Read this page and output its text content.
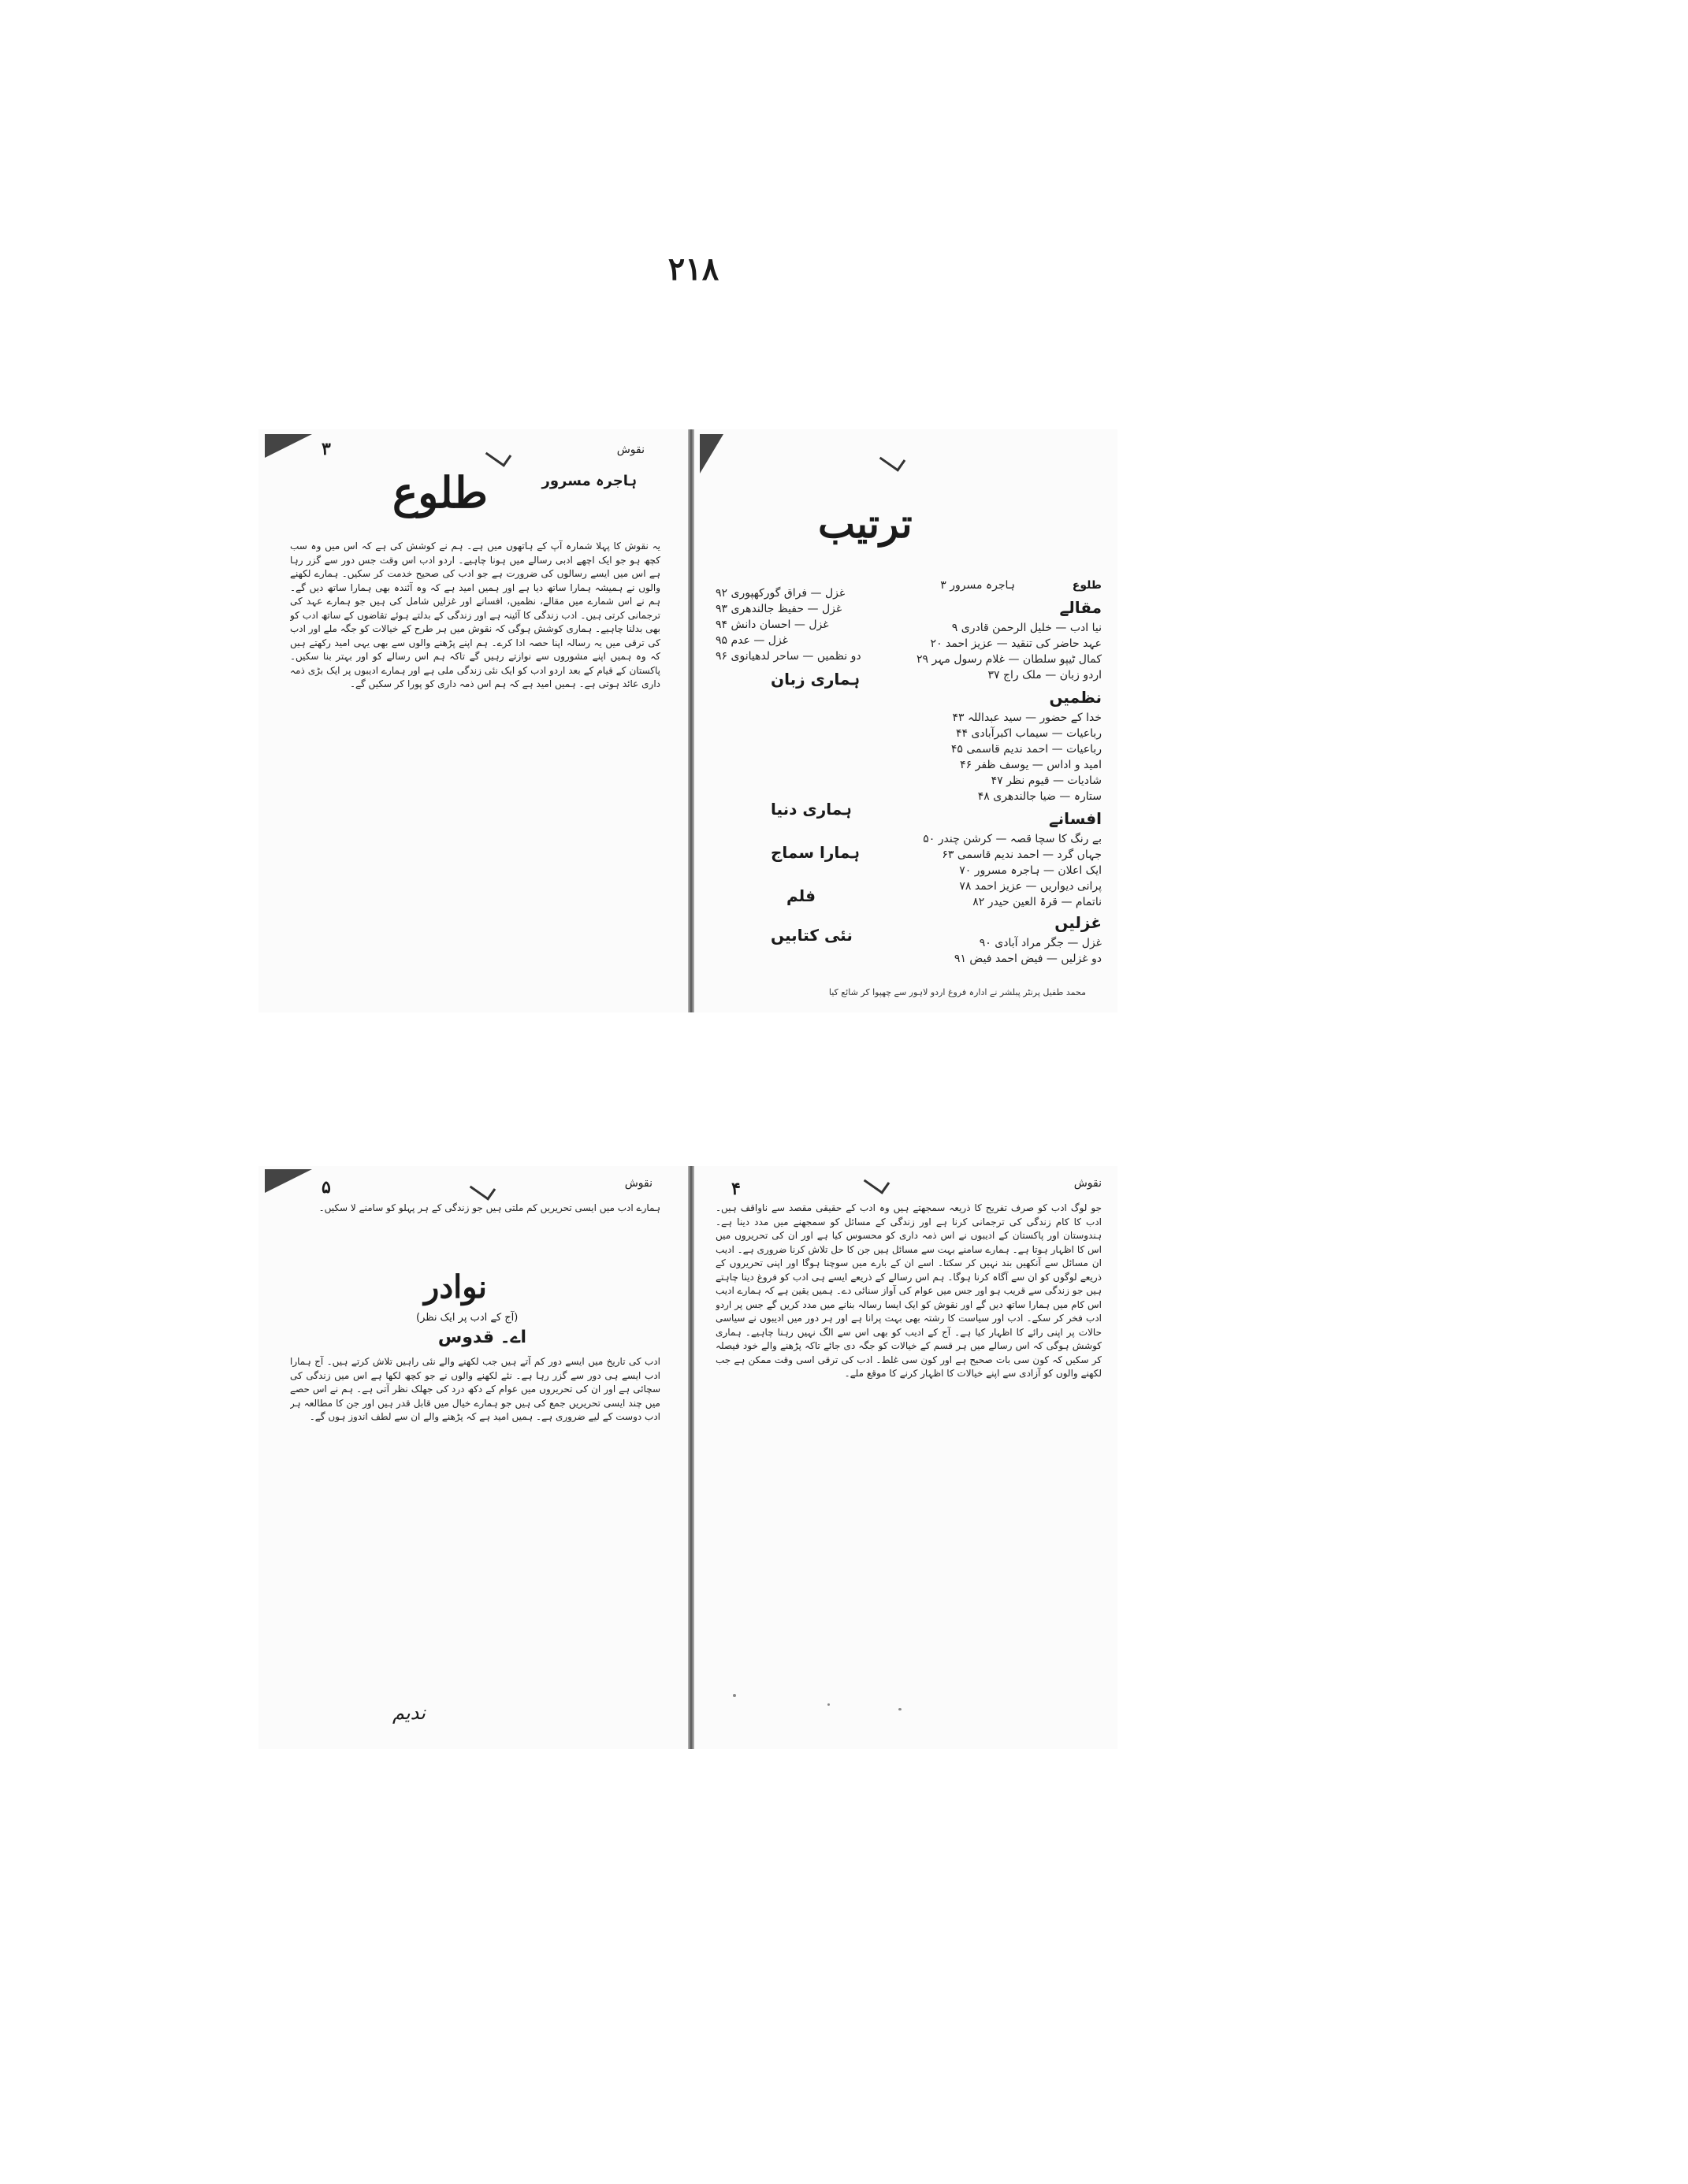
۲۱۸
۳	نقوش
ہاجرہ مسرور
طلوع
یہ نقوش کا پہلا شمارہ آپ کے ہاتھوں میں ہے۔ ہم نے کوشش کی ہے کہ اس میں وہ سب کچھ ہو جو ایک اچھے ادبی رسالے میں ہونا چاہیے۔ اردو ادب اس وقت جس دور سے گزر رہا ہے اس میں ایسے رسالوں کی ضرورت ہے جو ادب کی صحیح خدمت کر سکیں۔ ہمارے لکھنے والوں نے ہمیشہ ہمارا ساتھ دیا ہے اور ہمیں امید ہے کہ وہ آئندہ بھی ہمارا ساتھ دیں گے۔ ہم نے اس شمارے میں مقالے، نظمیں، افسانے اور غزلیں شامل کی ہیں جو ہمارے عہد کی ترجمانی کرتی ہیں۔ ادب زندگی کا آئینہ ہے اور زندگی کے بدلتے ہوئے تقاضوں کے ساتھ ادب کو بھی بدلنا چاہیے۔ ہماری کوشش ہوگی کہ نقوش میں ہر طرح کے خیالات کو جگہ ملے اور ادب کی ترقی میں یہ رسالہ اپنا حصہ ادا کرے۔ ہم اپنے پڑھنے والوں سے بھی یہی امید رکھتے ہیں کہ وہ ہمیں اپنے مشوروں سے نوازتے رہیں گے تاکہ ہم اس رسالے کو اور بہتر بنا سکیں۔ پاکستان کے قیام کے بعد اردو ادب کو ایک نئی زندگی ملی ہے اور ہمارے ادیبوں پر ایک بڑی ذمہ داری عائد ہوتی ہے۔ ہمیں امید ہے کہ ہم اس ذمہ داری کو پورا کر سکیں گے۔
ترتیب
طلوع
ہاجرہ مسرور ۳
مقالے
نیا ادب — خلیل الرحمن قادری ۹
عہد حاضر کی تنقید — عزیز احمد ۲۰
کمال ٹیپو سلطان — غلام رسول مہر ۲۹
اردو زبان — ملک راج ۳۷
نظمیں
خدا کے حضور — سید عبداللہ ۴۳
رباعیات — سیماب اکبرآبادی ۴۴
رباعیات — احمد ندیم قاسمی ۴۵
امید و اداس — یوسف ظفر ۴۶
شادیات — قیوم نظر ۴۷
ستارہ — ضیا جالندھری ۴۸
افسانے
بے رنگ کا سچا قصہ — کرشن چندر ۵۰
جہاں گرد — احمد ندیم قاسمی ۶۳
ایک اعلان — ہاجرہ مسرور ۷۰
پرانی دیواریں — عزیز احمد ۷۸
ناتمام — قرۃ العین حیدر ۸۲
غزلیں
غزل — جگر مراد آبادی ۹۰
دو غزلیں — فیض احمد فیض ۹۱
غزل — فراق گورکھپوری ۹۲
غزل — حفیظ جالندھری ۹۳
غزل — احسان دانش ۹۴
غزل — عدم ۹۵
دو نظمیں — ساحر لدھیانوی ۹۶
ہماری زبان
ہماری دنیا
ہمارا سماج
فلم
نئی کتابیں
محمد طفیل پرنٹر پبلشر نے ادارہ فروغ اردو لاہور سے چھپوا کر شائع کیا
۵	نقوش
ہمارے ادب میں ایسی تحریریں کم ملتی ہیں جو زندگی کے ہر پہلو کو سامنے لا سکیں۔
نوادر
(آج کے ادب پر ایک نظر)
اے۔ قدوس
ادب کی تاریخ میں ایسے دور کم آتے ہیں جب لکھنے والے نئی راہیں تلاش کرتے ہیں۔ آج ہمارا ادب ایسے ہی دور سے گزر رہا ہے۔ نئے لکھنے والوں نے جو کچھ لکھا ہے اس میں زندگی کی سچائی ہے اور ان کی تحریروں میں عوام کے دکھ درد کی جھلک نظر آتی ہے۔ ہم نے اس حصے میں چند ایسی تحریریں جمع کی ہیں جو ہمارے خیال میں قابل قدر ہیں اور جن کا مطالعہ ہر ادب دوست کے لیے ضروری ہے۔ ہمیں امید ہے کہ پڑھنے والے ان سے لطف اندوز ہوں گے۔
ندیم
نقوش
۴
جو لوگ ادب کو صرف تفریح کا ذریعہ سمجھتے ہیں وہ ادب کے حقیقی مقصد سے ناواقف ہیں۔ ادب کا کام زندگی کی ترجمانی کرنا ہے اور زندگی کے مسائل کو سمجھنے میں مدد دینا ہے۔ ہندوستان اور پاکستان کے ادیبوں نے اس ذمہ داری کو محسوس کیا ہے اور ان کی تحریروں میں اس کا اظہار ہوتا ہے۔ ہمارے سامنے بہت سے مسائل ہیں جن کا حل تلاش کرنا ضروری ہے۔ ادیب ان مسائل سے آنکھیں بند نہیں کر سکتا۔ اسے ان کے بارے میں سوچنا ہوگا اور اپنی تحریروں کے ذریعے لوگوں کو ان سے آگاہ کرنا ہوگا۔ ہم اس رسالے کے ذریعے ایسے ہی ادب کو فروغ دینا چاہتے ہیں جو زندگی سے قریب ہو اور جس میں عوام کی آواز سنائی دے۔ ہمیں یقین ہے کہ ہمارے ادیب اس کام میں ہمارا ساتھ دیں گے اور نقوش کو ایک ایسا رسالہ بنانے میں مدد کریں گے جس پر اردو ادب فخر کر سکے۔ ادب اور سیاست کا رشتہ بھی بہت پرانا ہے اور ہر دور میں ادیبوں نے سیاسی حالات پر اپنی رائے کا اظہار کیا ہے۔ آج کے ادیب کو بھی اس سے الگ نہیں رہنا چاہیے۔ ہماری کوشش ہوگی کہ اس رسالے میں ہر قسم کے خیالات کو جگہ دی جائے تاکہ پڑھنے والے خود فیصلہ کر سکیں کہ کون سی بات صحیح ہے اور کون سی غلط۔ ادب کی ترقی اسی وقت ممکن ہے جب لکھنے والوں کو آزادی سے اپنے خیالات کا اظہار کرنے کا موقع ملے۔
